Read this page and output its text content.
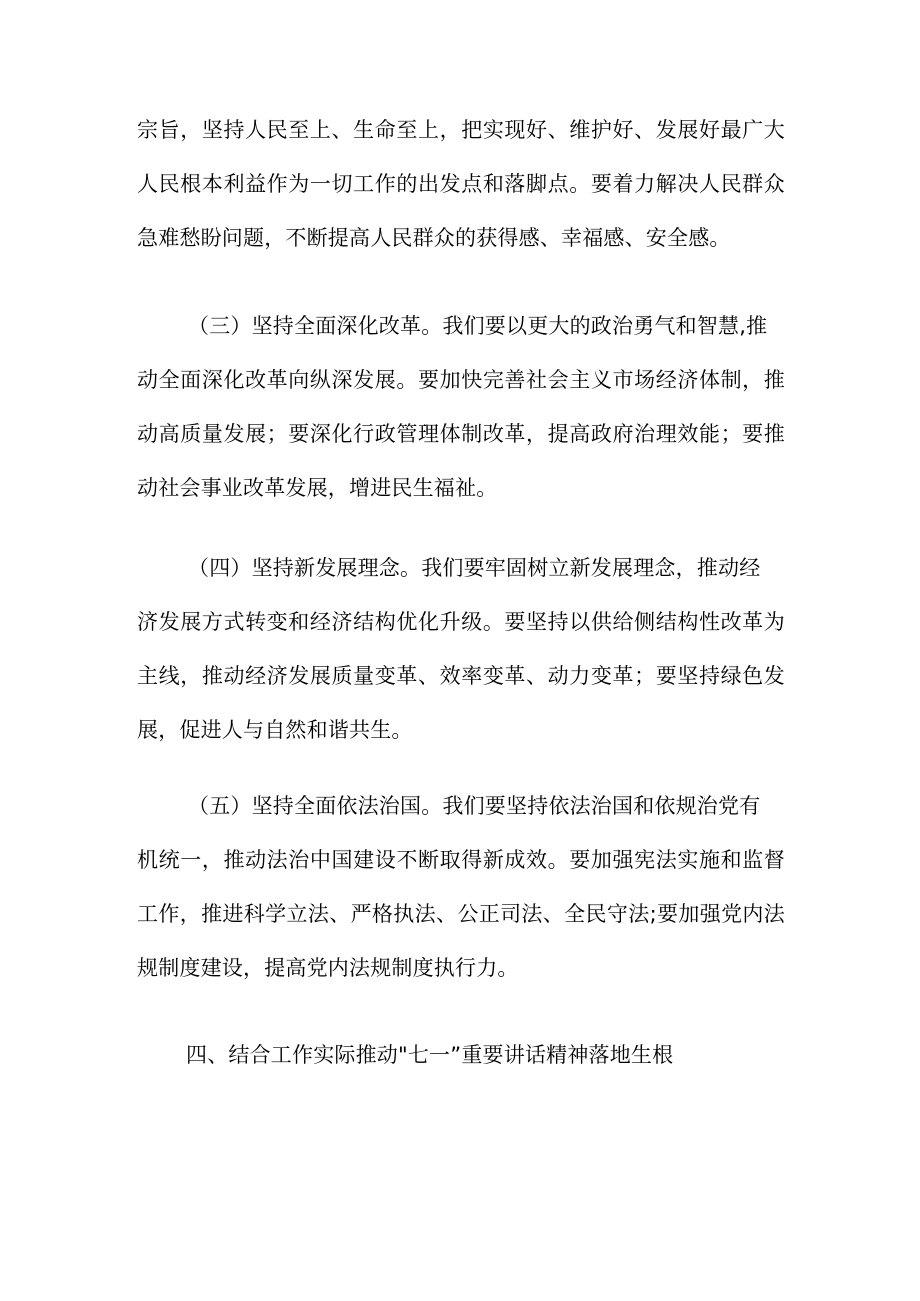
宗旨，坚持人民至上、生命至上，把实现好、维护好、发展好最广大
人民根本利益作为一切工作的出发点和落脚点。要着力解决人民群众
急难愁盼问题，不断提高人民群众的获得感、幸福感、安全感。
（三）坚持全面深化改革。我们要以更大的政治勇气和智慧,推
动全面深化改革向纵深发展。要加快完善社会主义市场经济体制，推
动高质量发展；要深化行政管理体制改革，提高政府治理效能；要推
动社会事业改革发展，增进民生福祉。
（四）坚持新发展理念。我们要牢固树立新发展理念，推动经
济发展方式转变和经济结构优化升级。要坚持以供给侧结构性改革为
主线，推动经济发展质量变革、效率变革、动力变革；要坚持绿色发
展，促进人与自然和谐共生。
（五）坚持全面依法治国。我们要坚持依法治国和依规治党有
机统一，推动法治中国建设不断取得新成效。要加强宪法实施和监督
工作，推进科学立法、严格执法、公正司法、全民守法;要加强党内法
规制度建设，提高党内法规制度执行力。
四、结合工作实际推动"七一”重要讲话精神落地生根
